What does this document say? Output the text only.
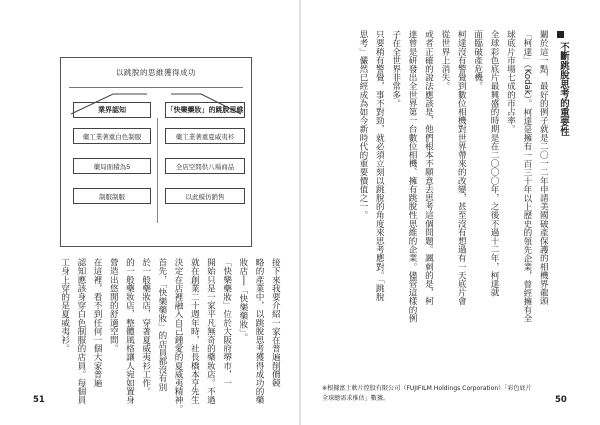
以跳脫的思維獲得成功
業界認知	「快樂藥妝」的跳脫思維
藥工業著重白色制服
藥局面積為5
制服制服
藥工業著重夏威夷衫
全店空間供八場商品
以此模仿銷售
接下來我要介紹一家在普遍削價競
略的產業中，以跳脫思考獲得成功的藥
妝店──「快樂藥妝」。
「快樂藥妝」位於大阪府堺市，一
開始只是一家平凡無奇的藥妝店。不過
就在創業二十週年時，社長橋本亨先生
決定在店裡融入自己鍾愛的夏威夷精神。
首先，「快樂藥妝」的店員都沒有別
於一般藥妝店，穿著夏威夷衫工作。
的一般藥妝店，整體風格讓人宛如置身
營造出悠閒的舒適空間。
在這裡，看不到任何一個大家普遍
認知應該身穿白色制服的店員。每個員
工身上穿的是夏威夷衫。
不斷跳脫思考的重要性
關於這一點，最好的例子就是二〇一二年申請美國破產保護的相機界龍頭
「柯達」（Kodak）。柯達是擁有一百三十年以上歷史的領先企業，曾經擁有全
球底片市場七成的市占率。
全球彩色底片最興盛的時期是在二〇〇〇年，之後不過十二年，柯達就
面臨破產危機。
柯達沒有警覺到數位相機對世界帶來的改變，甚至沒有想過有一天底片會
從世界上消失。
或者正確的說法應該是，他們根本不願意去思考這個問題。諷刺的是，柯
達曾是研發出全世界第一台數位相機、擁有跳脫性思維的企業。儘管這樣的例
子在全世界非常多。
只要稍有警覺，事不對勁，就必須立刻以跳脫的角度來思考應對。「跳脫
思考」儼然已經成為如今新時代的重要價值之一。
※根據富士軟片控股有限公司（FUJIFILM Holdings Corporation）「彩色底片全球總需求推估」數據。
51	50
